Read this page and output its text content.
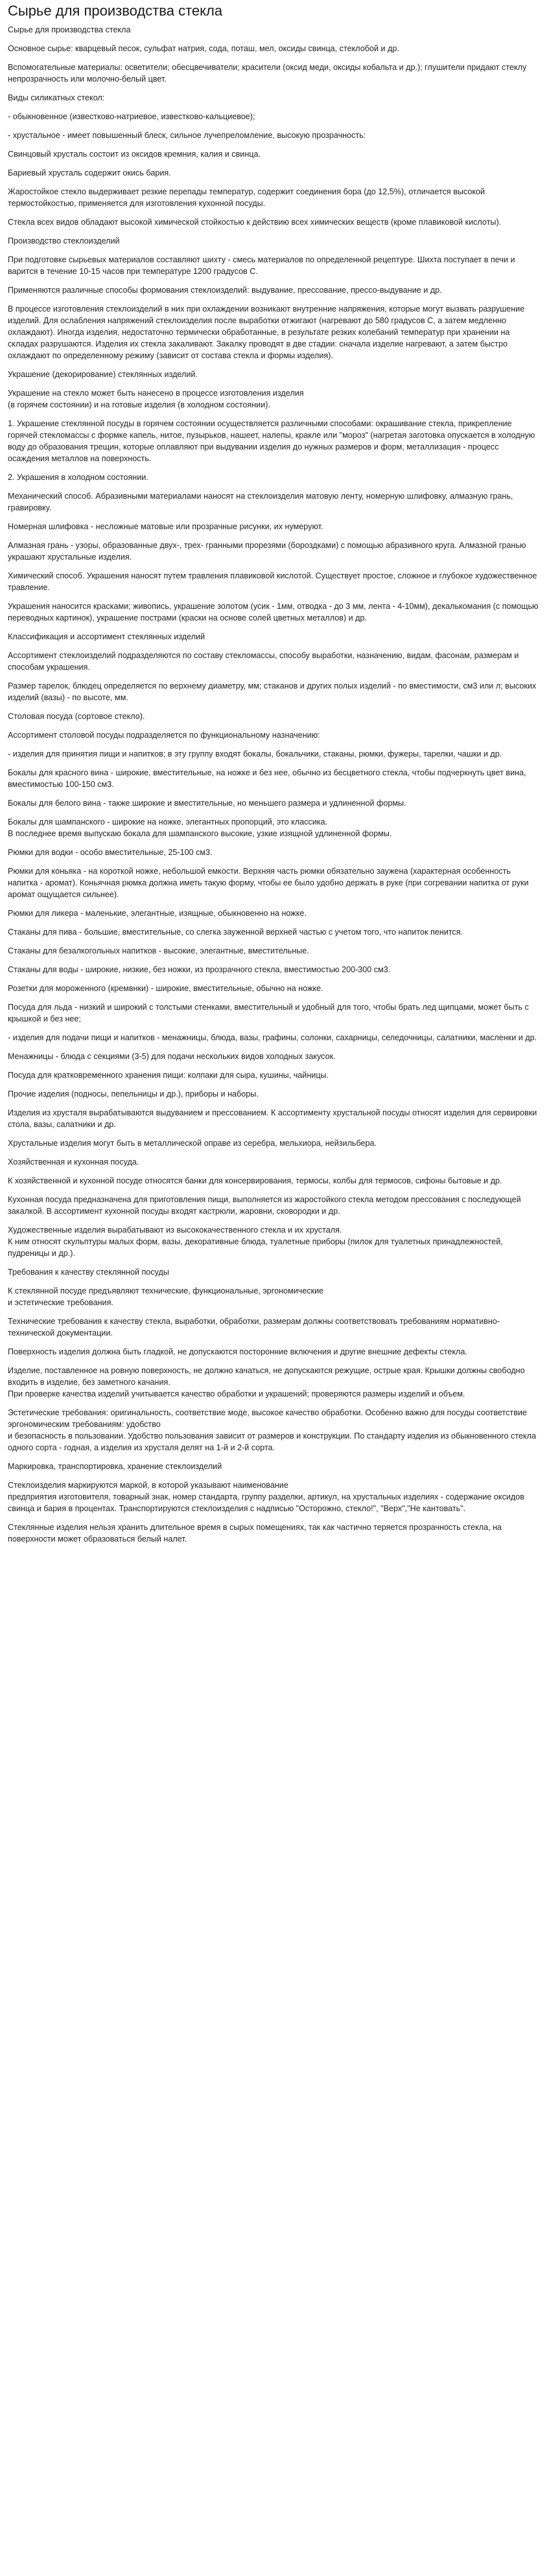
Сырье для производства стекла

Сырье для производства стекла

Основное сырье: кварцевый песок, сульфат натрия, сода, поташ, мел, оксиды свинца, стеклобой и др.

Вспомогательные материалы: осветители; обесцвечиватели; красители (оксид меди, оксиды кобальта и др.); глушители придают стеклу непрозрачность или молочно-белый цвет.

Виды силикатных стекол:

- обыкновенное (известково-натриевое, известково-кальциевое);

- хрустальное - имеет повышенный блеск, сильное лучепреломление, высокую прозрачность:

Свинцовый хрусталь состоит из оксидов кремния, калия и свинца.

Бариевый хрусталь содержит окись бария.

Жаростойкое стекло выдерживает резкие перепады температур, содержит соединения бора (до 12,5%), отличается высокой термостойкостью, применяется для изготовления кухонной посуды.

Стекла всех видов обладают высокой химической стойкостью к действию всех химических веществ (кроме плавиковой кислоты).

Производство стеклоизделий

При подготовке сырьевых материалов составляют шихту - смесь материалов по определенной рецептуре. Шихта поступает в печи и варится в течение 10-15 часов при температуре 1200 градусов С.

Применяются различные способы формования стеклоизделий: выдувание, прессование, прессо-выдувание и др.

В процессе изготовления стеклоизделий в них при охлаждении возникают внутренние напряжения, которые могут вызвать разрушение изделий. Для ослабления напряжений стеклоизделия после выработки отжигают (нагревают до 580 градусов С, а затем медленно охлаждают). Иногда изделия, недостаточно термически обработанные, в результате резких колебаний температур при хранении на складах разрушаются. Изделия их стекла закаливают. Закалку проводят в две стадии: сначала изделие нагревают, а затем быстро охлаждают по определенному режиму (зависит от состава стекла и формы изделия).

Украшение (декорирование) стеклянных изделий.

Украшение на стекло может быть нанесено в процессе изготовления изделия
(в горячем состоянии) и на готовые изделия (в холодном состоянии).

1. Украшение стеклянной посуды в горячем состоянии осуществляется различными способами: окрашивание стекла, прикрепление горячей стекломассы с формке капель, нитое, пузырьков, нашеет, налепы, кракле или "мороз" (нагретая заготовка опускается в холодную воду до образования трещин, которые оплавляют при выдувании изделия до нужных размеров и форм, металлизация - процесс осаждения металлов на поверхность.

2. Украшения в холодном состоянии.

Механический способ. Абразивными материалами наносят на стеклоизделия матовую ленту, номерную шлифовку, алмазную грань, гравировку.

Номерная шлифовка - несложные матовые или прозрачные рисунки, их нумеруют.

Алмазная грань - узоры, образованные двух-, трех- гранными прорезями (бороздками) с помощью абразивного круга. Алмазной гранью украшают хрустальные изделия.

Химический способ. Украшения наносят путем травления плавиковой кислотой. Существует простое, сложное и глубокое художественное травление.

Украшения наносится красками; живопись, украшение золотом (усик - 1мм, отводка - до 3 мм, лента - 4-10мм), декалькомания (с помощью переводных картинок), украшение пострами (краски на основе солей цветных металлов) и др.

Классификация и ассортимент стеклянных изделий

Ассортимент стеклоизделий подразделяются по составу стекломассы, способу выработки, назначению, видам, фасонам, размерам и способам украшения.

Размер тарелок, блюдец определяется по верхнему диаметру, мм; стаканов и других полых изделий - по вместимости, см3 или л; высоких изделий (вазы) - по высоте, мм.

Столовая посуда (сортовое стекло).

Ассортимент столовой посуды подразделяется по функциональному назначению:

- изделия для принятия пищи и напитков; в эту группу входят бокалы, бокальчики, стаканы, рюмки, фужеры, тарелки, чашки и др.

Бокалы для красного вина - широкие, вместительные, на ножке и без нее, обычно из бесцветного стекла, чтобы подчеркнуть цвет вина, вместимостью 100-150 см3.

Бокалы для белого вина - также широкие и вместительные, но меньшего размера и удлиненной формы.

Бокалы для шампанского - широкие на ножке, элегантных пропорций, это классика.
В последнее время выпускаю бокала для шампанского высокие, узкие изящной удлиненной формы.

Рюмки для водки - особо вместительные, 25-100 см3.

Рюмки для коньяка - на короткой ножке, небольшой емкости. Верхняя часть рюмки обязательно зауженa (характерная особенность напитка - аромат). Коньячная рюмка должна иметь такую форму, чтобы ее было удобно держать в руке (при согревании напитка от руки аромат ощущается сильнее).

Рюмки для ликера - маленькие, элегантные, изящные, обыкновенно на ножке.

Стаканы для пива - большие, вместительные, со слегка зауженной верхней частью с учетом того, что напиток пенится.

Стаканы для безалкогольных напитков - высокие, элегантные, вместительные.

Стаканы для воды - широкие, низкие, без ножки, из прозрачного стекла, вместимостью 200-300 см3.

Розетки для мороженного (кремвнки) - широкие, вместительные, обычно на ножке.

Посуда для льда - низкий и широкий с толстыми стенками, вместительный и удобный для того, чтобы брать лед щипцами, может быть с крышкой и без нее;

- изделия для подачи пищи и напитков - менажницы, блюда, вазы, графины, солонки, сахарницы, селедочницы, салатники, масленки и др.

Менажницы - блюда с секциями (3-5) для подачи нескольких видов холодных закусок.

Посуда для кратковременного хранения пищи: колпаки для сыра, кушины, чайницы.

Прочие изделия (подносы, пепельницы и др.), приборы и наборы.

Изделия из хрусталя вырабатываются выдуванием и прессованием. К ассортименту хрустальной посуды относят изделия для сервировки стола, вазы, салатники и др.

Хрустальные изделия могут быть в металлической оправе из серебра, мельхиора, нейзильбера.

Хозяйственная и кухонная посуда.

К хозяйственной и кухонной посуде относятся банки для консервирования, термосы, колбы для термосов, сифоны бытовые и др.

Кухонная посуда предназначена для приготовления пищи, выполняется из жаростойкого стекла методом прессования с последующей закалкой. В ассортимент кухонной посуды входят кастрюли, жаровни, сковородки и др.

Художественные изделия вырабатывают из высококачественного стекла и их хрусталя.
К ним относят скульптуры малых форм, вазы, декоративные блюда, туалетные приборы (пилок для туалетных принадлежностей, пудреницы и др.).

Требования к качеству стеклянной посуды

К стеклянной посуде предъявляют технические, функциональные, эргономические
и эстетические требования.

Технические требования к качеству стекла, выработки, обработки, размерам должны соответствовать требованиям нормативно-технической документации.

Поверхность изделия должна быть гладкой, не допускаются посторонние включения и другие внешние дефекты стекла.

Изделие, поставленное на ровную поверхность, не должно качаться, не допускаются режущие, острые края. Крышки должны свободно входить в изделие, без заметного качания.
При проверке качества изделий учитывается качество обработки и украшений; проверяются размеры изделий и объем.

Эстетические требования: оригинальность, соответствие моде, высокое качество обработки. Особенно важно для посуды соответствие эргономическим требованиям: удобство
и безопасность в пользовании. Удобство пользования зависит от размеров и конструкции. По стандарту изделия из обыкновенного стекла одного сорта - годная, а изделия из хрусталя делят на 1-й и 2-й сорта.

Маркировка, транспортировка, хранение стеклоизделий

Стеклоизделия маркируются маркой, в которой указывают наименование
предприятия изготовителя, товарный знак, номер стандарта, группу разделки, артикул, на хрустальных изделиях - содержание оксидов свинца и бария в процентах. Транспортируются стеклоизделия с надписью "Осторожно, стекло!", "Верх","Не кантовать".

Стеклянные изделия нельзя хранить длительное время в сырых помещениях, так как частично теряется прозрачность стекла, на поверхности может образоваться белый налет.
